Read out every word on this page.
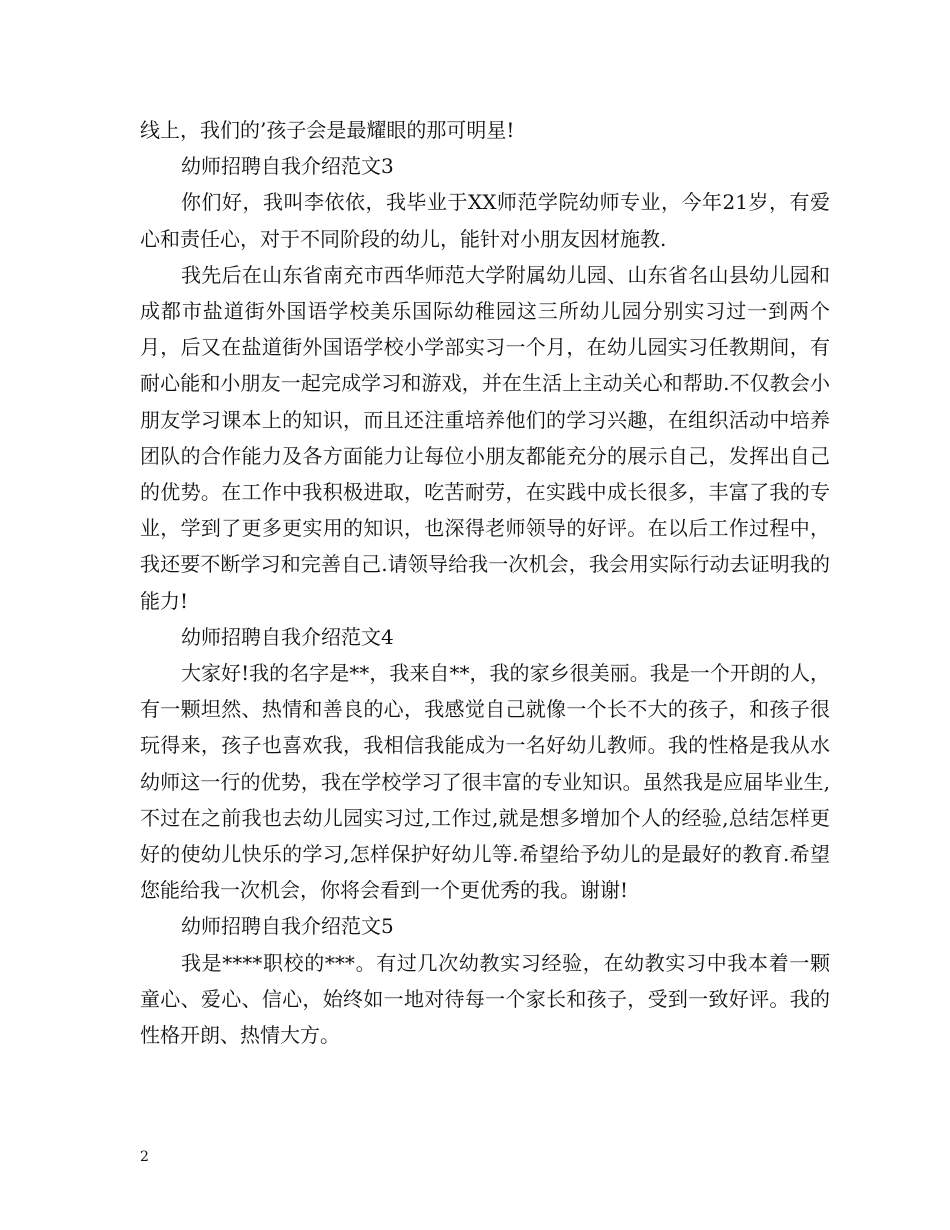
线上，我们的’孩子会是最耀眼的那可明星!

幼师招聘自我介绍范文3

你们好，我叫李依依，我毕业于XX师范学院幼师专业，今年21岁，有爱心和责任心，对于不同阶段的幼儿，能针对小朋友因材施教.

我先后在山东省南充市西华师范大学附属幼儿园、山东省名山县幼儿园和成都市盐道街外国语学校美乐国际幼稚园这三所幼儿园分别实习过一到两个月，后又在盐道街外国语学校小学部实习一个月，在幼儿园实习任教期间，有耐心能和小朋友一起完成学习和游戏，并在生活上主动关心和帮助.不仅教会小朋友学习课本上的知识，而且还注重培养他们的学习兴趣，在组织活动中培养团队的合作能力及各方面能力让每位小朋友都能充分的展示自己，发挥出自己的优势。在工作中我积极进取，吃苦耐劳，在实践中成长很多，丰富了我的专业，学到了更多更实用的知识，也深得老师领导的好评。在以后工作过程中，我还要不断学习和完善自己.请领导给我一次机会，我会用实际行动去证明我的能力!

幼师招聘自我介绍范文4

大家好!我的名字是**，我来自**，我的家乡很美丽。我是一个开朗的人，有一颗坦然、热情和善良的心，我感觉自己就像一个长不大的孩子，和孩子很玩得来，孩子也喜欢我，我相信我能成为一名好幼儿教师。我的性格是我从水幼师这一行的优势，我在学校学习了很丰富的专业知识。虽然我是应届毕业生,不过在之前我也去幼儿园实习过,工作过,就是想多增加个人的经验,总结怎样更好的使幼儿快乐的学习,怎样保护好幼儿等.希望给予幼儿的是最好的教育.希望您能给我一次机会，你将会看到一个更优秀的我。谢谢!

幼师招聘自我介绍范文5

我是****职校的***。有过几次幼教实习经验，在幼教实习中我本着一颗童心、爱心、信心，始终如一地对待每一个家长和孩子，受到一致好评。我的性格开朗、热情大方。

2
